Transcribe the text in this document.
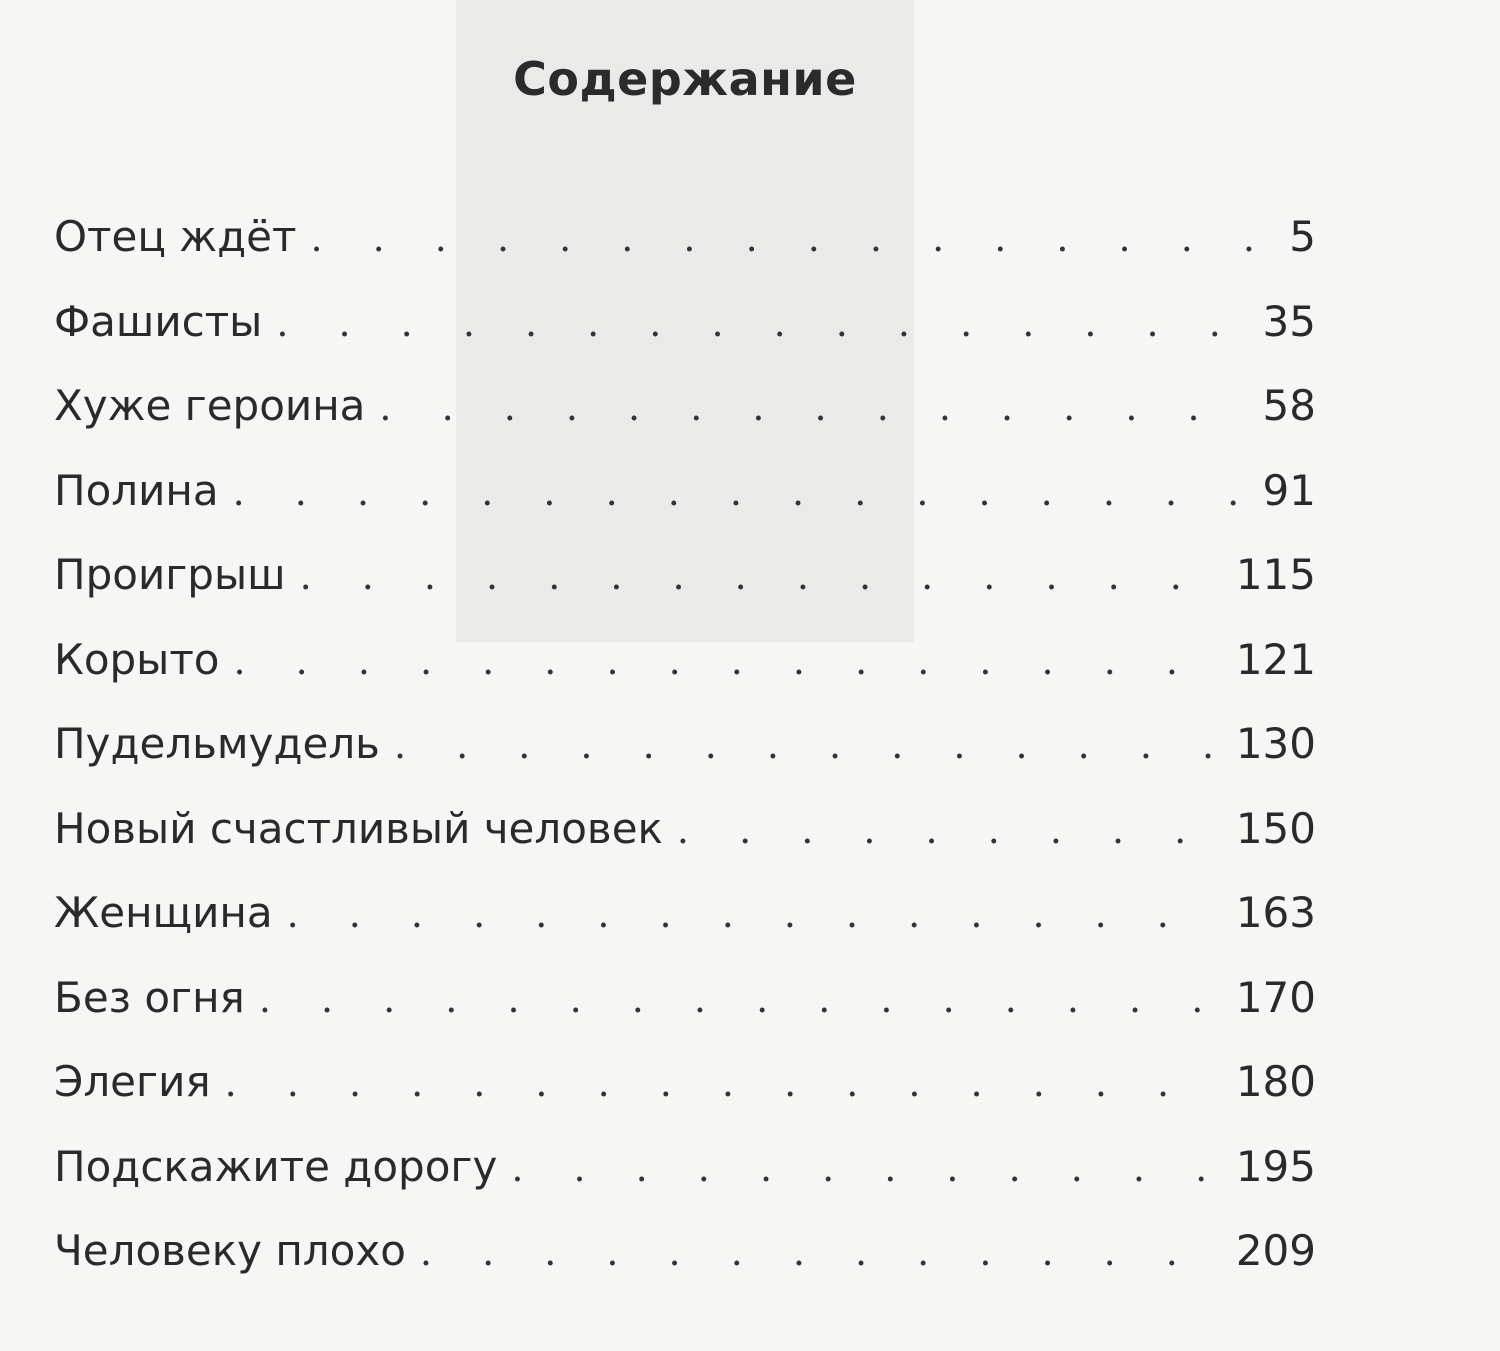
Содержание
Отец ждёт . . .	5
Фашисты . . .	35
Хуже героина . . .	58
Полина . . .	91
Проигрыш . . .	115
Корыто . . .	121
Пудельмудель . . .	130
Новый счастливый человек . . .	150
Женщина . . .	163
Без огня . . .	170
Элегия . . .	180
Подскажите дорогу . . .	195
Человеку плохо . . .	209
